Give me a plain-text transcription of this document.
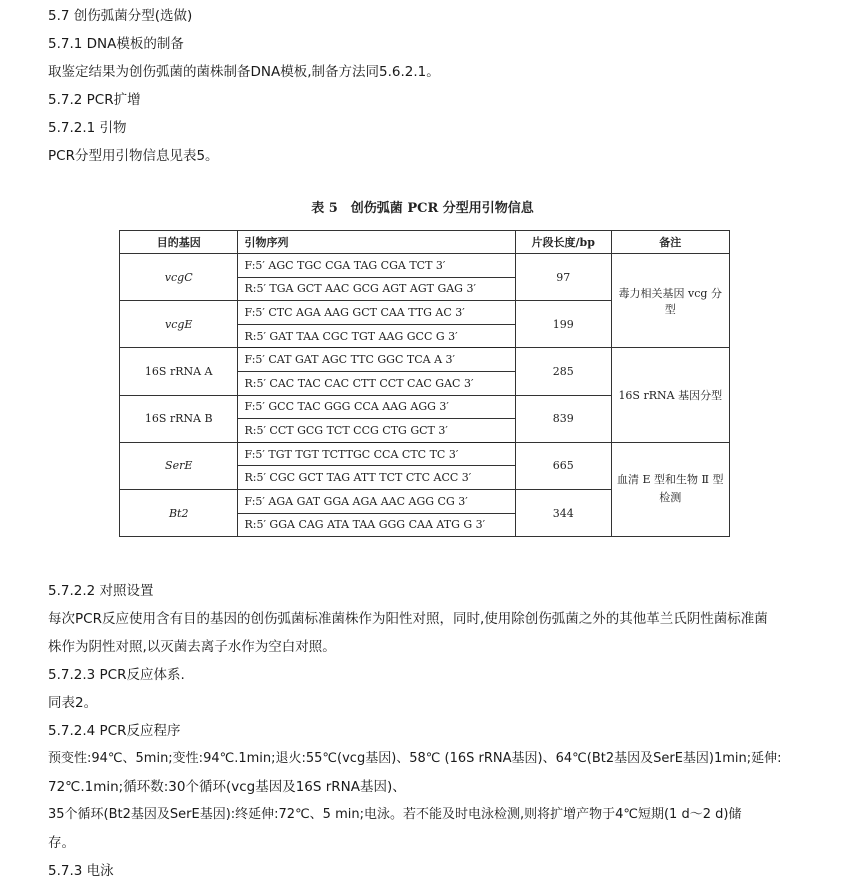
5.7 创伤弧菌分型(选做)
5.7.1 DNA模板的制备
取鉴定结果为创伤弧菌的菌株制备DNA模板,制备方法同5.6.2.1。
5.7.2 PCR扩增
5.7.2.1 引物
PCR分型用引物信息见表5。
表 5　创伤弧菌 PCR 分型用引物信息
目的基因	引物序列	片段长度/bp	备注
vcgC	F:5′ AGC TGC CGA TAG CGA TCT 3′	97	毒力相关基因 vcg 分型
	R:5′ TGA GCT AAC GCG AGT AGT GAG 3′		
vcgE	F:5′ CTC AGA AAG GCT CAA TTG AC 3′	199	
	R:5′ GAT TAA CGC TGT AAG GCC G 3′		
16S rRNA A	F:5′ CAT GAT AGC TTC GGC TCA A 3′	285	16S rRNA 基因分型
	R:5′ CAC TAC CAC CTT CCT CAC GAC 3′		
16S rRNA B	F:5′ GCC TAC GGG CCA AAG AGG 3′	839	
	R:5′ CCT GCG TCT CCG CTG GCT 3′		
SerE	F:5′ TGT TGT TCTTGC CCA CTC TC 3′	665	血清 E 型和生物 Ⅱ 型检测
	R:5′ CGC GCT TAG ATT TCT CTC ACC 3′		
Bt2	F:5′ AGA GAT GGA AGA AAC AGG CG 3′	344	
	R:5′ GGA CAG ATA TAA GGG CAA ATG G 3′		
5.7.2.2 对照设置
每次PCR反应使用含有目的基因的创伤弧菌标准菌株作为阳性对照，同时,使用除创伤弧菌之外的其他革兰氏阴性菌标准菌
株作为阴性对照,以灭菌去离子水作为空白对照。
5.7.2.3 PCR反应体系.
同表2。
5.7.2.4 PCR反应程序
预变性:94℃、5min;变性:94℃.1min;退火:55℃(vcg基因)、58℃ (16S rRNA基因)、64℃(Bt2基因及SerE基因)1min;延伸:
72℃.1min;循环数:30个循环(vcg基因及16S rRNA基因)、
35个循环(Bt2基因及SerE基因):终延伸:72℃、5 min;电泳。若不能及时电泳检测,则将扩增产物于4℃短期(1 d～2 d)储
存。
5.7.3 电泳
